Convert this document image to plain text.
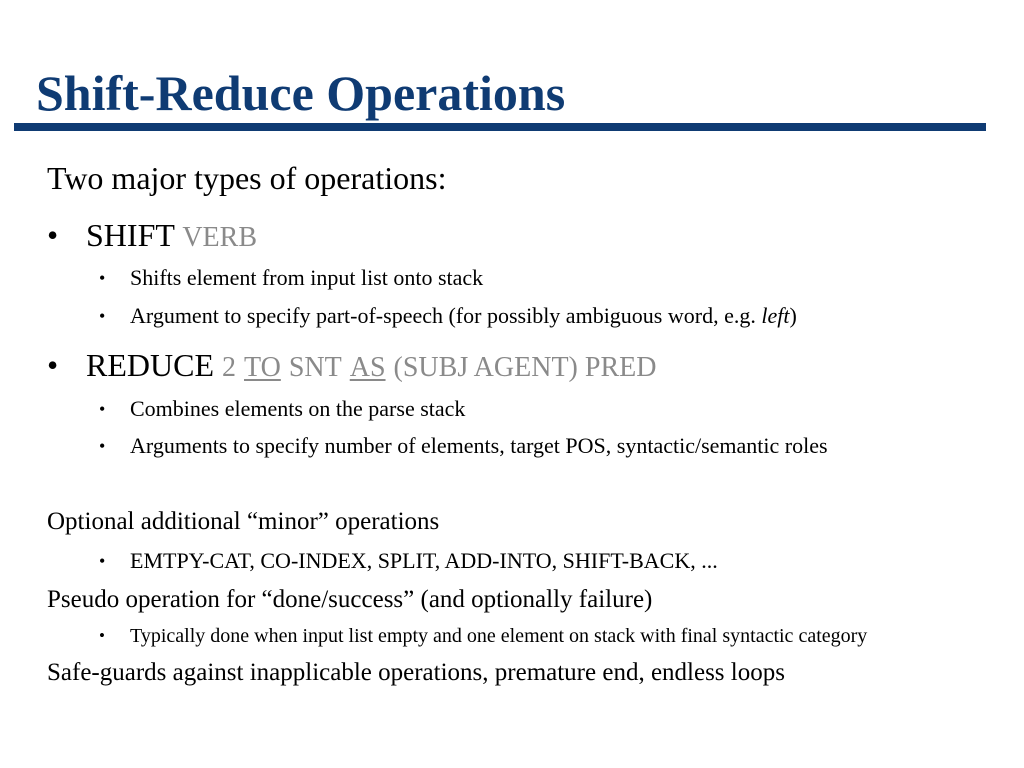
Shift-Reduce Operations
Two major types of operations:
• SHIFT VERB
• Shifts element from input list onto stack
• Argument to specify part-of-speech (for possibly ambiguous word, e.g. left)
• REDUCE 2 TO SNT AS (SUBJ AGENT) PRED
• Combines elements on the parse stack
• Arguments to specify number of elements, target POS, syntactic/semantic roles
Optional additional “minor” operations
• EMTPY-CAT, CO-INDEX, SPLIT, ADD-INTO, SHIFT-BACK, ...
Pseudo operation for “done/success” (and optionally failure)
• Typically done when input list empty and one element on stack with final syntactic category
Safe-guards against inapplicable operations, premature end, endless loops
